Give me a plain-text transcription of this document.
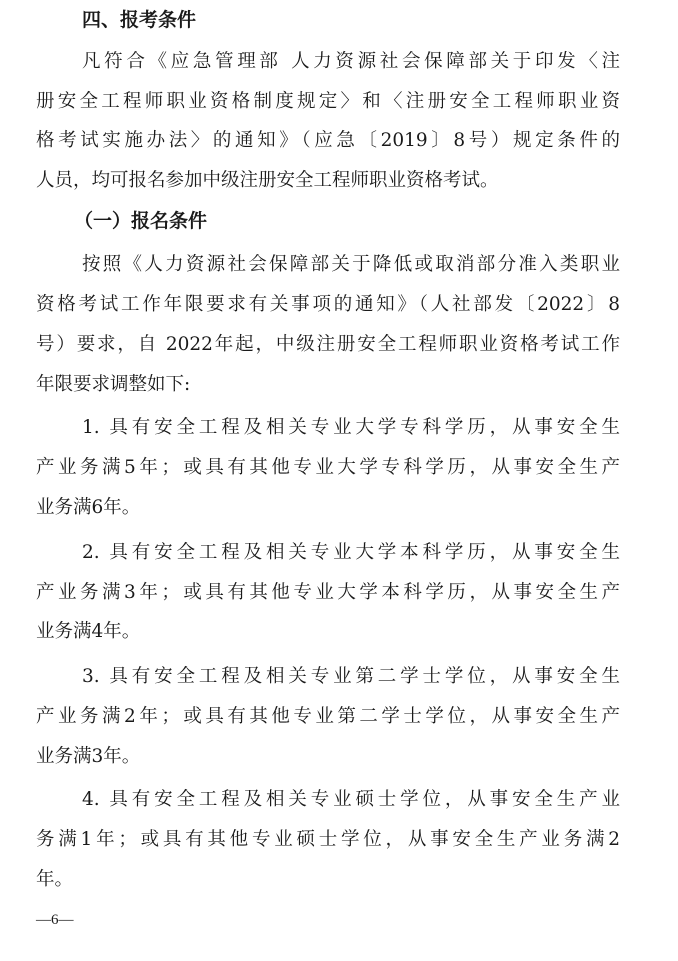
四、报考条件
凡符合《应急管理部 人力资源社会保障部关于印发〈注
册安全工程师职业资格制度规定〉和〈注册安全工程师职业资
格考试实施办法〉的通知》（应急〔2019〕8号）规定条件的
人员，均可报名参加中级注册安全工程师职业资格考试。
（一）报名条件
按照《人力资源社会保障部关于降低或取消部分准入类职业
资格考试工作年限要求有关事项的通知》（人社部发〔2022〕8
号）要求，自 2022年起，中级注册安全工程师职业资格考试工作
年限要求调整如下:
1. 具有安全工程及相关专业大学专科学历，从事安全生
产业务满5年；或具有其他专业大学专科学历，从事安全生产
业务满6年。
2. 具有安全工程及相关专业大学本科学历，从事安全生
产业务满3年；或具有其他专业大学本科学历，从事安全生产
业务满4年。
3. 具有安全工程及相关专业第二学士学位，从事安全生
产业务满2年；或具有其他专业第二学士学位，从事安全生产
业务满3年。
4. 具有安全工程及相关专业硕士学位，从事安全生产业
务满1年；或具有其他专业硕士学位，从事安全生产业务满2
年。
—6—
